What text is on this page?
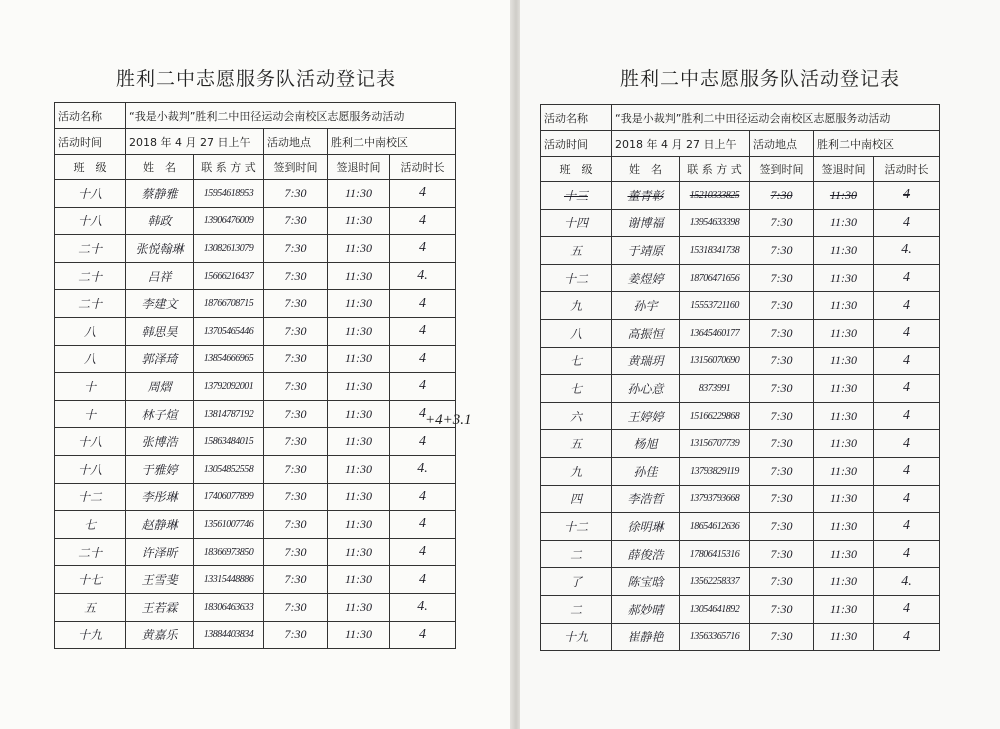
胜利二中志愿服务队活动登记表
活动名称	“我是小裁判”胜利二中田径运动会南校区志愿服务动活动				
活动时间	2018 年 4 月 27 日上午		活动地点	胜利二中南校区	
班　级	姓　名	联 系 方 式	签到时间	签退时间	活动时长
十八	蔡静雅	15954618953	7:30	11:30	4
十八	韩政	13906476009	7:30	11:30	4
二十	张悦翰琳	13082613079	7:30	11:30	4
二十	吕祥	15666216437	7:30	11:30	4.
二十	李建文	18766708715	7:30	11:30	4
八	韩思昊	13705465446	7:30	11:30	4
八	郭泽琦	13854666965	7:30	11:30	4
十	周熠	13792092001	7:30	11:30	4
十	林子煊	13814787192	7:30	11:30	4
十八	张博浩	15863484015	7:30	11:30	4
十八	于雅婷	13054852558	7:30	11:30	4.
十二	李彤琳	17406077899	7:30	11:30	4
七	赵静琳	13561007746	7:30	11:30	4
二十	许泽昕	18366973850	7:30	11:30	4
十七	王雪斐	13315448886	7:30	11:30	4
五	王若霖	18306463633	7:30	11:30	4.
十九	黄嘉乐	13884403834	7:30	11:30	4
+4+3.1
胜利二中志愿服务队活动登记表
活动名称	“我是小裁判”胜利二中田径运动会南校区志愿服务动活动				
活动时间	2018 年 4 月 27 日上午		活动地点	胜利二中南校区	
班　级	姓　名	联 系 方 式	签到时间	签退时间	活动时长
十三	董青彰	15210333825	7:30	11:30	4
十四	谢博福	13954633398	7:30	11:30	4
五	于靖原	15318341738	7:30	11:30	4.
十二	姜煜婷	18706471656	7:30	11:30	4
九	孙宇	15553721160	7:30	11:30	4
八	高振恒	13645460177	7:30	11:30	4
七	黄瑞玥	13156070690	7:30	11:30	4
七	孙心意	8373991	7:30	11:30	4
六	王婷婷	15166229868	7:30	11:30	4
五	杨旭	13156707739	7:30	11:30	4
九	孙佳	13793829119	7:30	11:30	4
四	李浩哲	13793793668	7:30	11:30	4
十二	徐明琳	18654612636	7:30	11:30	4
二	薛俊浩	17806415316	7:30	11:30	4
了	陈宝晗	13562258337	7:30	11:30	4.
二	郝妙晴	13054641892	7:30	11:30	4
十九	崔静艳	13563365716	7:30	11:30	4
